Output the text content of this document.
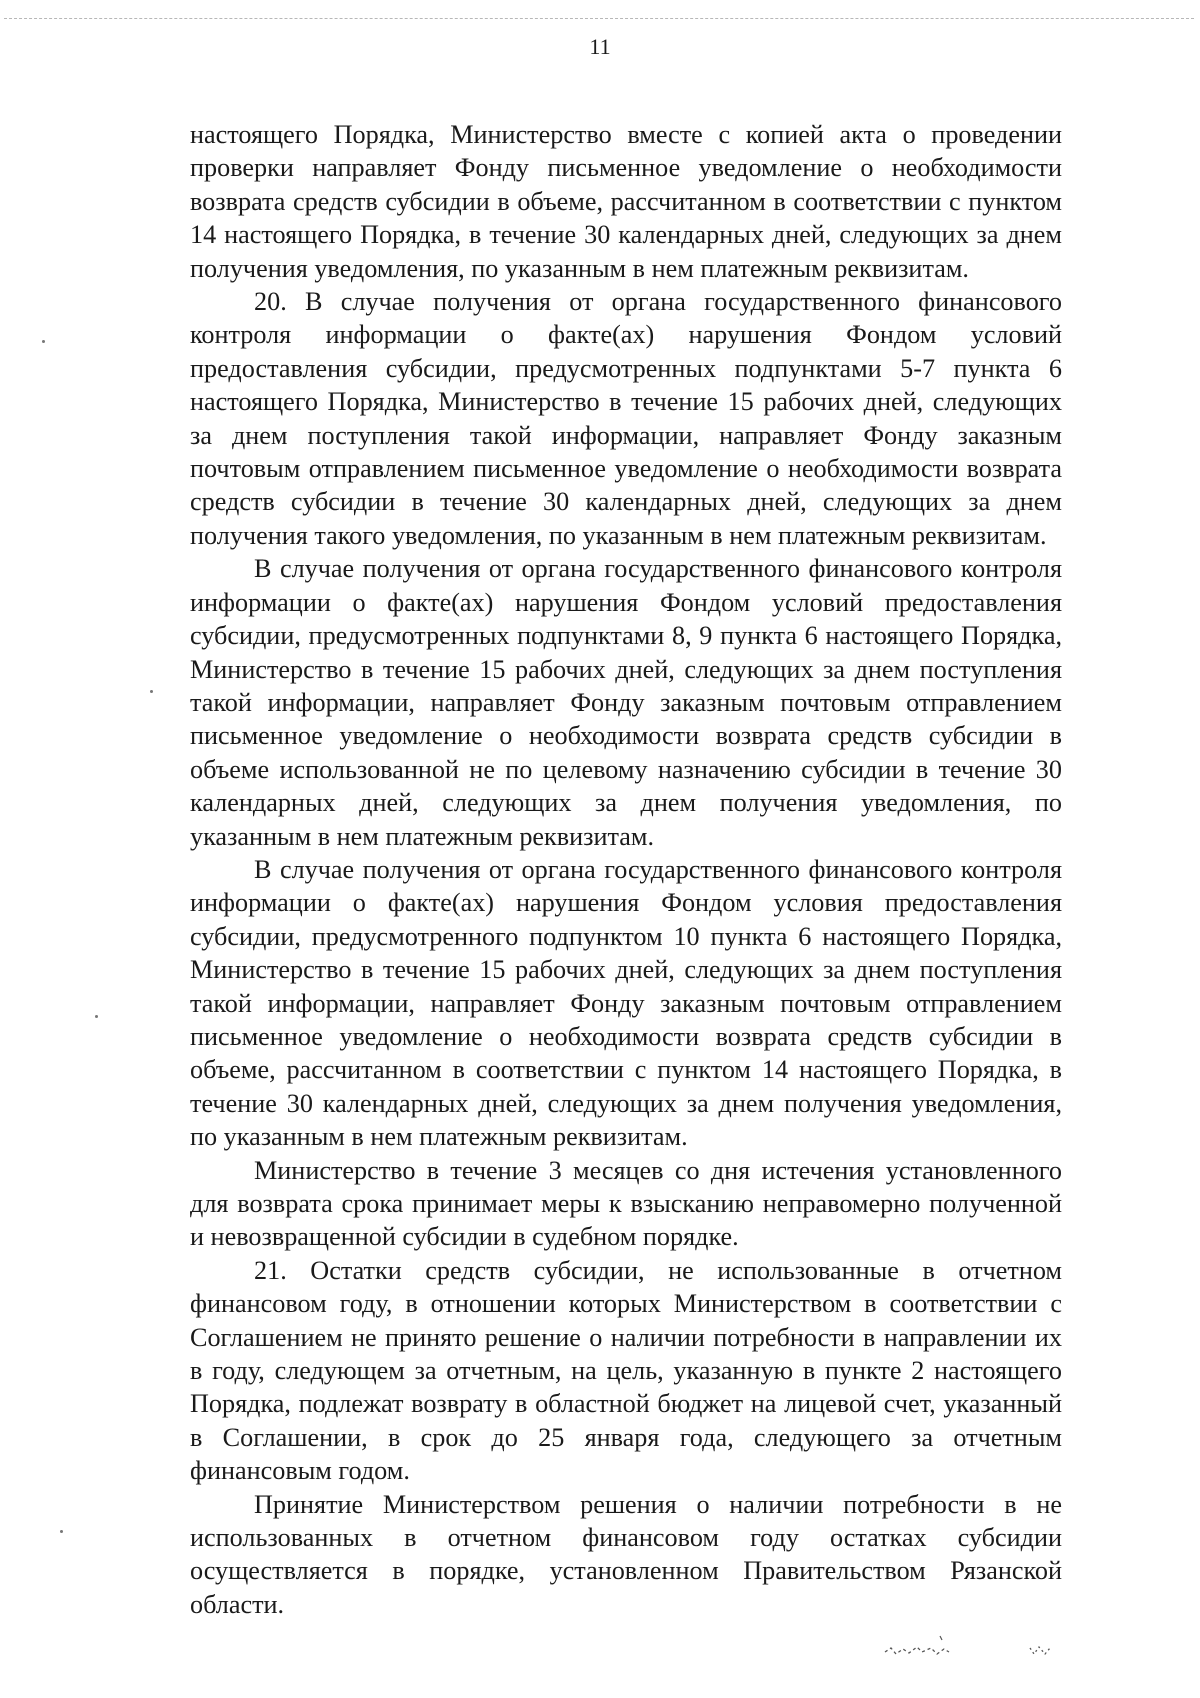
11

настоящего Порядка, Министерство вместе с копией акта о проведении проверки направляет Фонду письменное уведомление о необходимости возврата средств субсидии в объеме, рассчитанном в соответствии с пунктом 14 настоящего Порядка, в течение 30 календарных дней, следующих за днем получения уведомления, по указанным в нем платежным реквизитам.

20. В случае получения от органа государственного финансового контроля информации о факте(ах) нарушения Фондом условий предоставления субсидии, предусмотренных подпунктами 5-7 пункта 6 настоящего Порядка, Министерство в течение 15 рабочих дней, следующих за днем поступления такой информации, направляет Фонду заказным почтовым отправлением письменное уведомление о необходимости возврата средств субсидии в течение 30 календарных дней, следующих за днем получения такого уведомления, по указанным в нем платежным реквизитам.

В случае получения от органа государственного финансового контроля информации о факте(ах) нарушения Фондом условий предоставления субсидии, предусмотренных подпунктами 8, 9 пункта 6 настоящего Порядка, Министерство в течение 15 рабочих дней, следующих за днем поступления такой информации, направляет Фонду заказным почтовым отправлением письменное уведомление о необходимости возврата средств субсидии в объеме использованной не по целевому назначению субсидии в течение 30 календарных дней, следующих за днем получения уведомления, по указанным в нем платежным реквизитам.

В случае получения от органа государственного финансового контроля информации о факте(ах) нарушения Фондом условия предоставления субсидии, предусмотренного подпунктом 10 пункта 6 настоящего Порядка, Министерство в течение 15 рабочих дней, следующих за днем поступления такой информации, направляет Фонду заказным почтовым отправлением письменное уведомление о необходимости возврата средств субсидии в объеме, рассчитанном в соответствии с пунктом 14 настоящего Порядка, в течение 30 календарных дней, следующих за днем получения уведомления, по указанным в нем платежным реквизитам.

Министерство в течение 3 месяцев со дня истечения установленного для возврата срока принимает меры к взысканию неправомерно полученной и невозвращенной субсидии в судебном порядке.

21. Остатки средств субсидии, не использованные в отчетном финансовом году, в отношении которых Министерством в соответствии с Соглашением не принято решение о наличии потребности в направлении их в году, следующем за отчетным, на цель, указанную в пункте 2 настоящего Порядка, подлежат возврату в областной бюджет на лицевой счет, указанный в Соглашении, в срок до 25 января года, следующего за отчетным финансовым годом.

Принятие Министерством решения о наличии потребности в не использованных в отчетном финансовом году остатках субсидии осуществляется в порядке, установленном Правительством Рязанской области.
